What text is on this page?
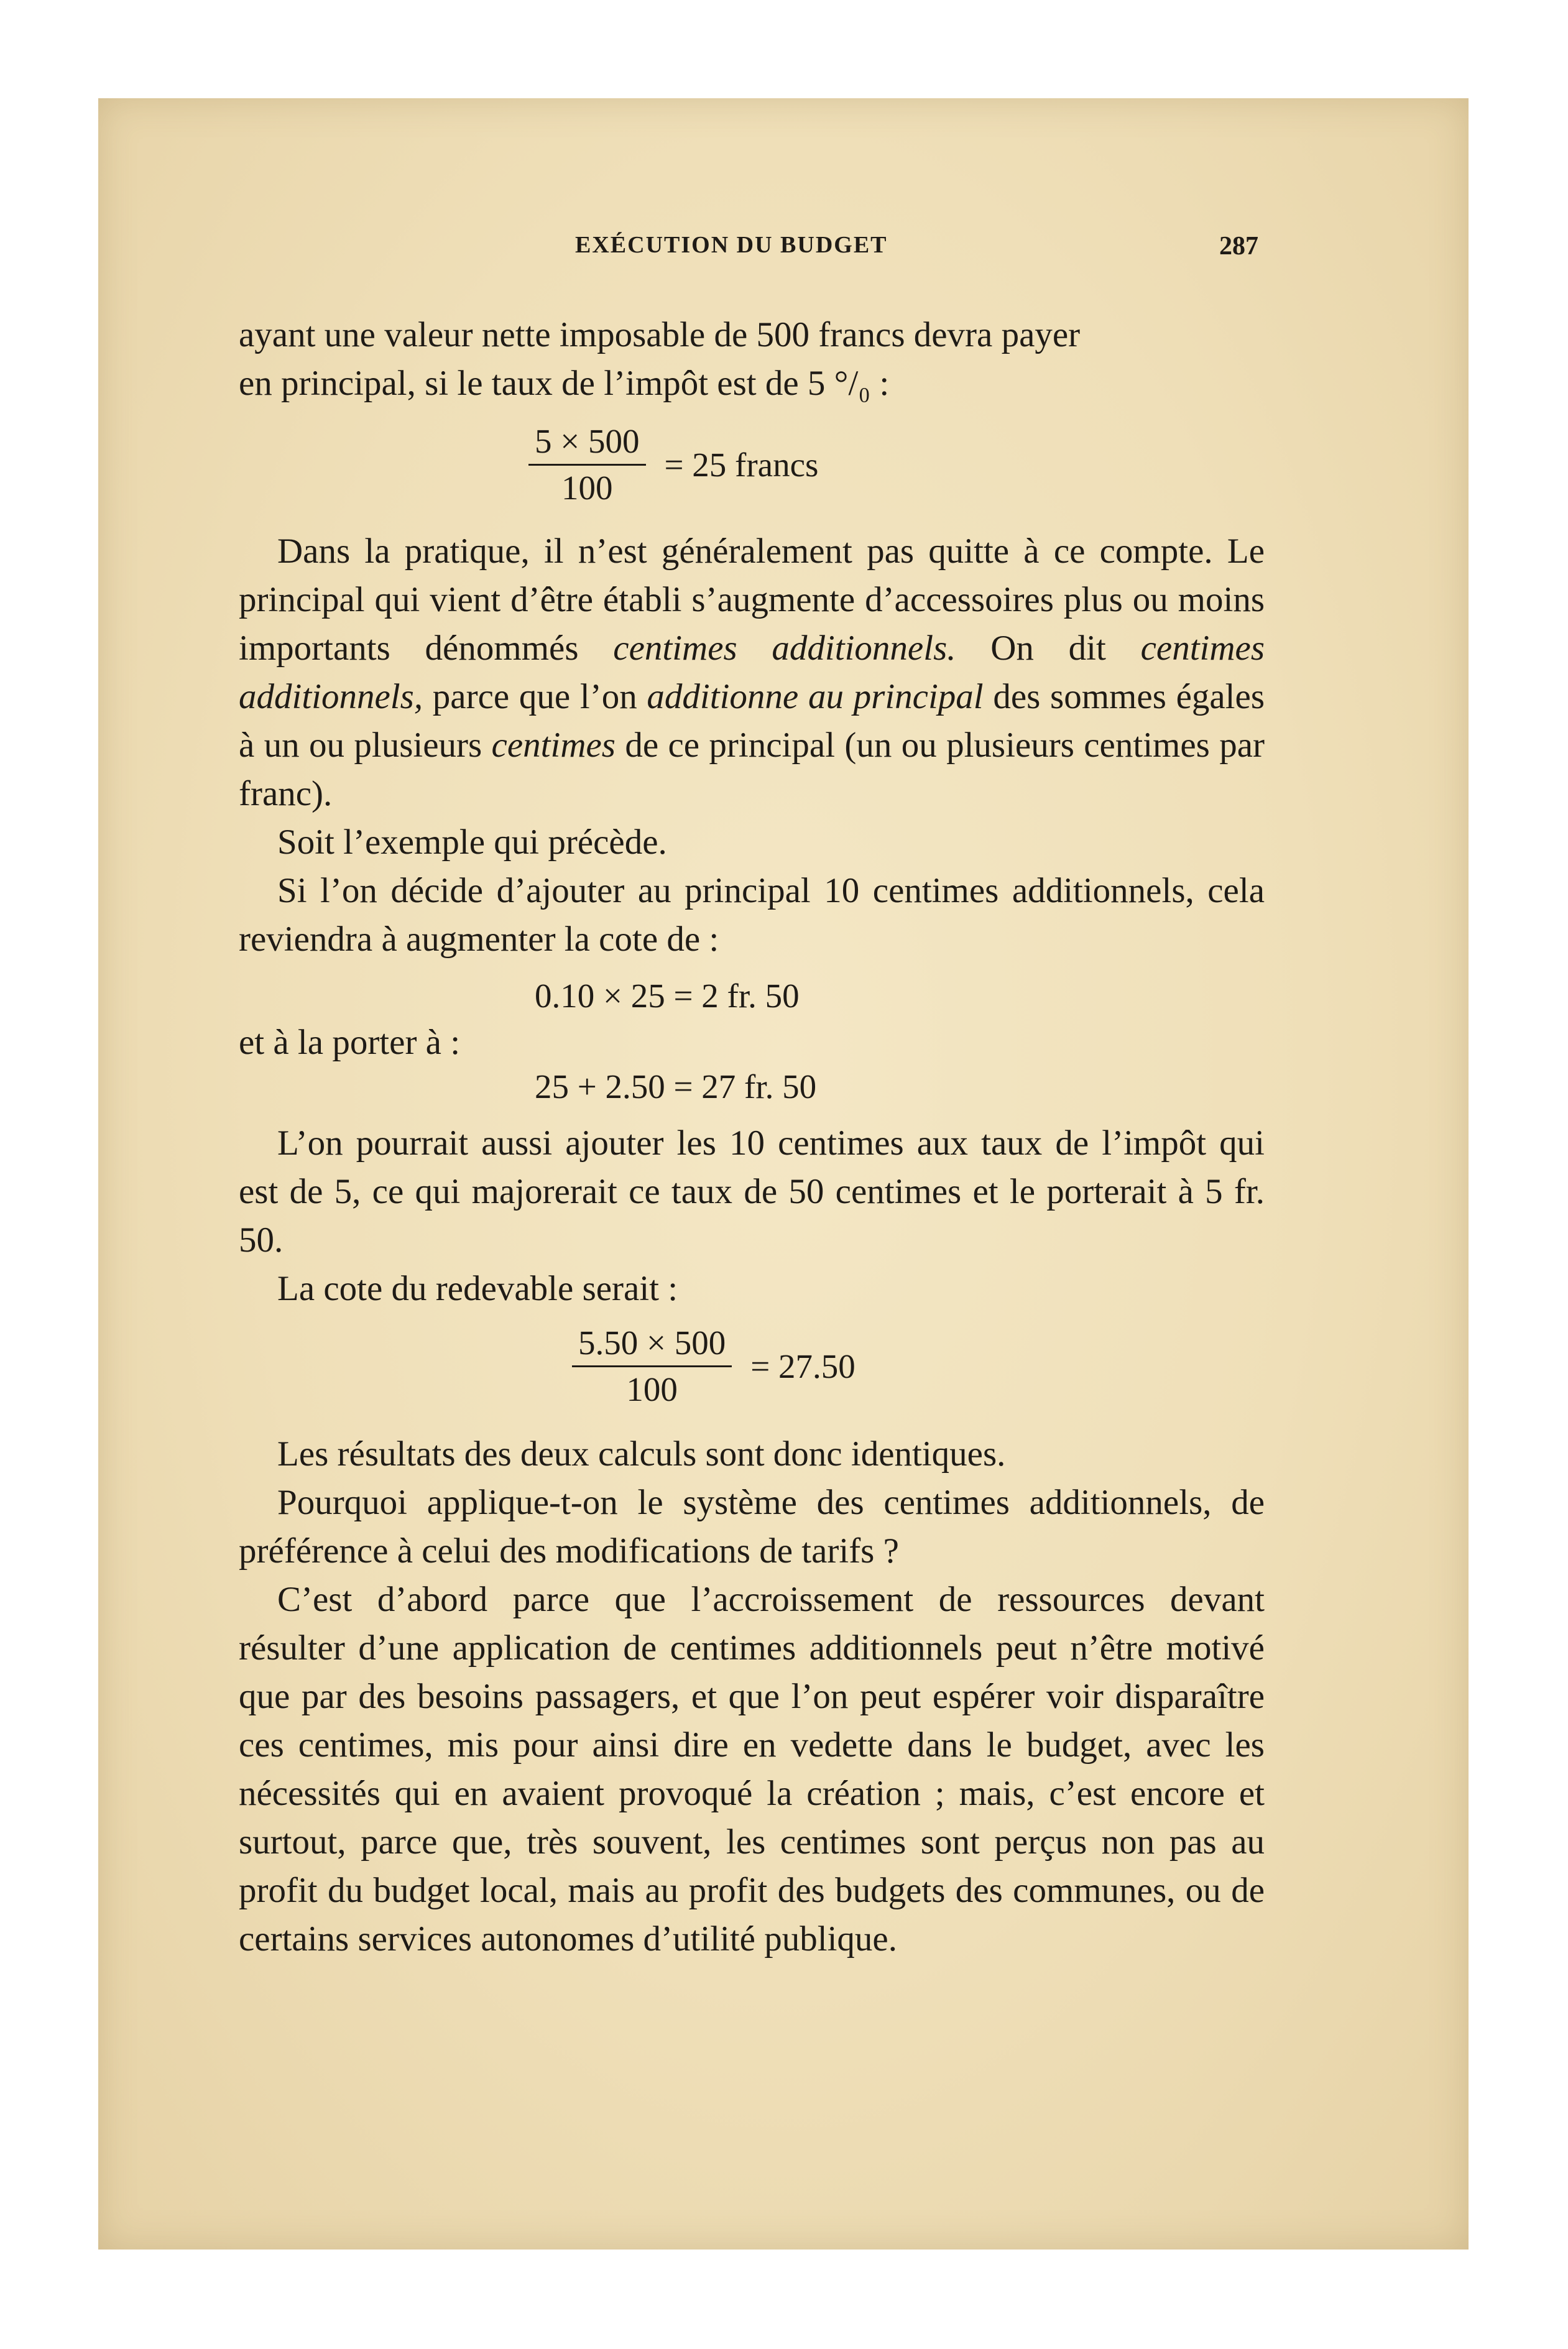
EXÉCUTION DU BUDGET	287

ayant une valeur nette imposable de 500 francs devra payer

en principal, si le taux de l’impôt est de 5 °/₀ :

$\frac{5 \times 500}{100} = 25$ francs

Dans la pratique, il n’est généralement pas quitte à ce compte. Le principal qui vient d’être établi s’augmente d’accessoires plus ou moins importants dénommés centimes additionnels. On dit centimes additionnels, parce que l’on additionne au principal des sommes égales à un ou plusieurs centimes de ce principal (un ou plusieurs centimes par franc).

Soit l’exemple qui précède.

Si l’on décide d’ajouter au principal 10 centimes additionnels, cela reviendra à augmenter la cote de :

0.10 × 25 = 2 fr. 50

et à la porter à :

25 + 2.50 = 27 fr. 50

L’on pourrait aussi ajouter les 10 centimes aux taux de l’impôt qui est de 5, ce qui majorerait ce taux de 50 centimes et le porterait à 5 fr. 50.

La cote du redevable serait :

$\frac{5.50 \times 500}{100} = 27.50$

Les résultats des deux calculs sont donc identiques.

Pourquoi applique-t-on le système des centimes additionnels, de préférence à celui des modifications de tarifs ?

C’est d’abord parce que l’accroissement de ressources devant résulter d’une application de centimes additionnels peut n’être motivé que par des besoins passagers, et que l’on peut espérer voir disparaître ces centimes, mis pour ainsi dire en vedette dans le budget, avec les nécessités qui en avaient provoqué la création ; mais, c’est encore et surtout, parce que, très souvent, les centimes sont perçus non pas au profit du budget local, mais au profit des budgets des communes, ou de certains services autonomes d’utilité publique.
